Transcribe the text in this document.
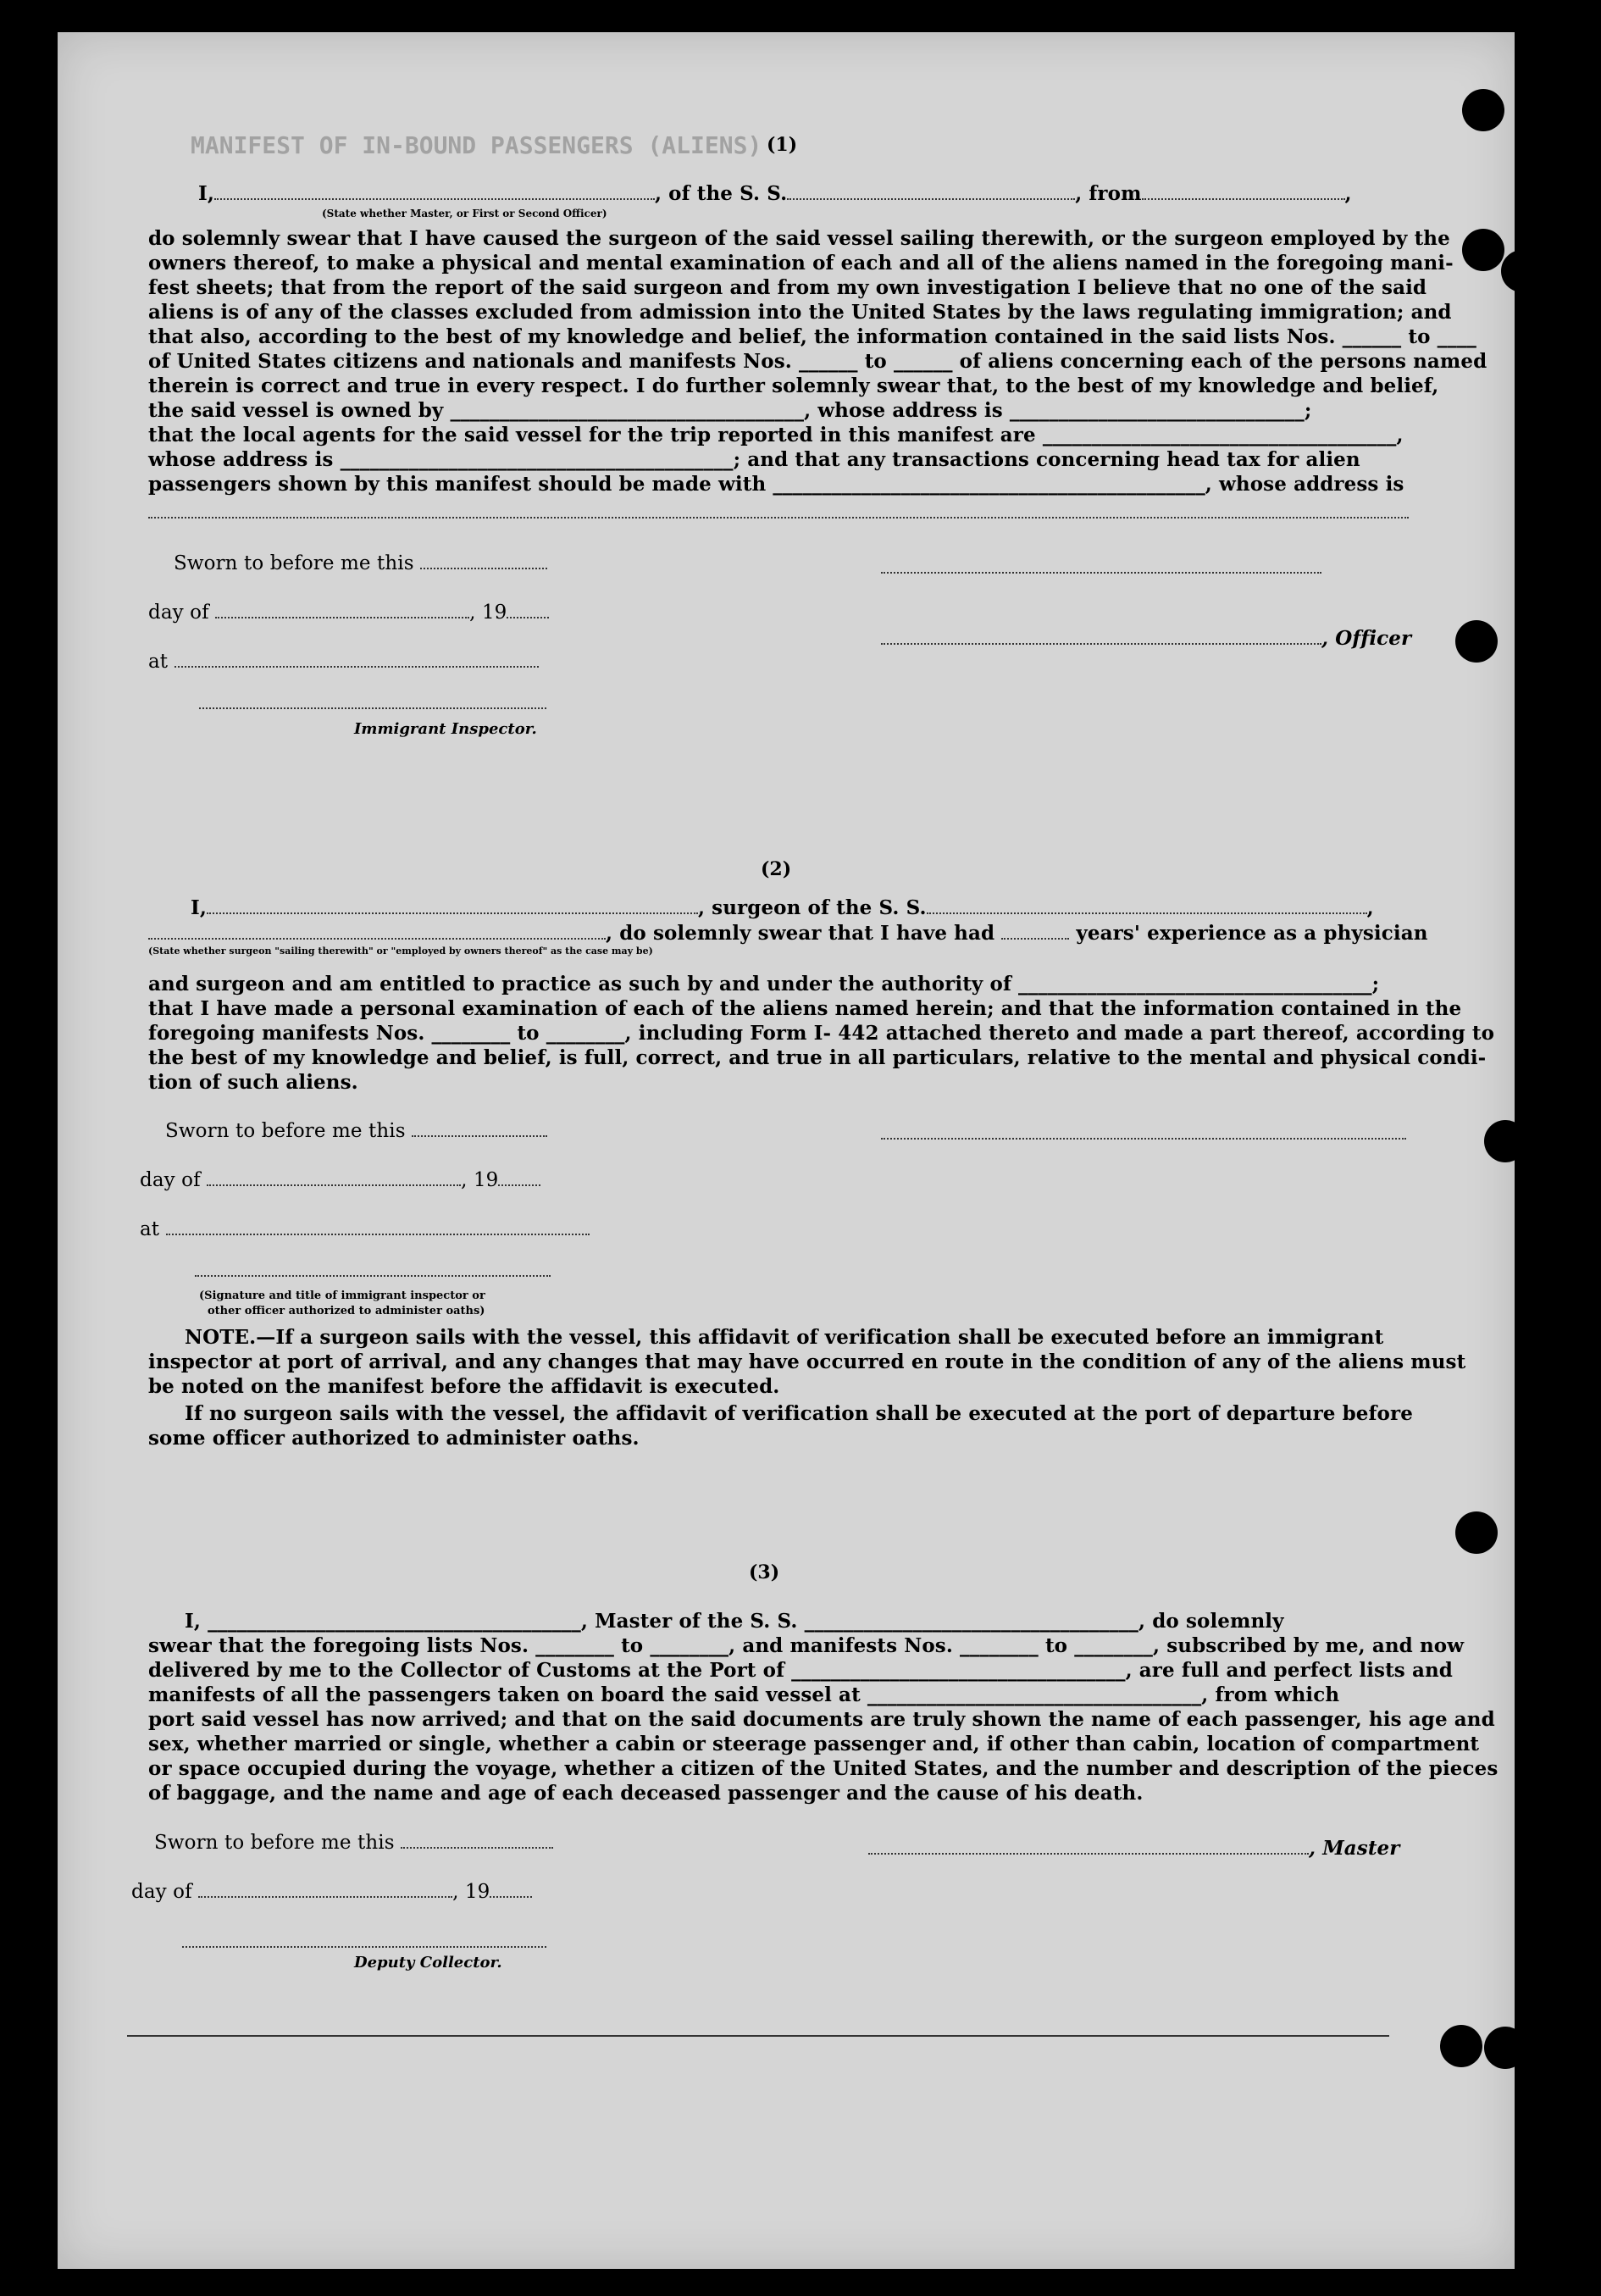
MANIFEST OF IN-BOUND PASSENGERS (ALIENS) (1)
I,	, of the S. S.	, from	,
(State whether Master, or First or Second Officer)
do solemnly swear that I have caused the surgeon of the said vessel sailing therewith, or the surgeon employed by the
owners thereof, to make a physical and mental examination of each and all of the aliens named in the foregoing mani-
fest sheets; that from the report of the said surgeon and from my own investigation I believe that no one of the said
aliens is of any of the classes excluded from admission into the United States by the laws regulating immigration; and
that also, according to the best of my knowledge and belief, the information contained in the said lists Nos. ______ to ____
of United States citizens and nationals and manifests Nos. ______ to ______ of aliens concerning each of the persons named
therein is correct and true in every respect. I do further solemnly swear that, to the best of my knowledge and belief,
the said vessel is owned by ____________________________________, whose address is ______________________________;
that the local agents for the said vessel for the trip reported in this manifest are ____________________________________,
whose address is ________________________________________; and that any transactions concerning head tax for alien
passengers shown by this manifest should be made with ____________________________________________, whose address is
Sworn to before me this
day of	, 19
, Officer
at
Immigrant Inspector.
(2)
I,	, surgeon of the S. S.	,
, do solemnly swear that I have had	years' experience as a physician
(State whether surgeon "sailing therewith" or "employed by owners thereof" as the case may be)
and surgeon and am entitled to practice as such by and under the authority of ____________________________________;
that I have made a personal examination of each of the aliens named herein; and that the information contained in the
foregoing manifests Nos. ________ to ________, including Form I- 442 attached thereto and made a part thereof, according to
the best of my knowledge and belief, is full, correct, and true in all particulars, relative to the mental and physical condi-
tion of such aliens.
Sworn to before me this
day of	, 19
at
(Signature and title of immigrant inspector or
other officer authorized to administer oaths)
NOTE.—If a surgeon sails with the vessel, this affidavit of verification shall be executed before an immigrant
inspector at port of arrival, and any changes that may have occurred en route in the condition of any of the aliens must
be noted on the manifest before the affidavit is executed.
If no surgeon sails with the vessel, the affidavit of verification shall be executed at the port of departure before
some officer authorized to administer oaths.
(3)
I, ______________________________________, Master of the S. S. __________________________________, do solemnly
swear that the foregoing lists Nos. ________ to ________, and manifests Nos. ________ to ________, subscribed by me, and now
delivered by me to the Collector of Customs at the Port of __________________________________, are full and perfect lists and
manifests of all the passengers taken on board the said vessel at __________________________________, from which
port said vessel has now arrived; and that on the said documents are truly shown the name of each passenger, his age and
sex, whether married or single, whether a cabin or steerage passenger and, if other than cabin, location of compartment
or space occupied during the voyage, whether a citizen of the United States, and the number and description of the pieces
of baggage, and the name and age of each deceased passenger and the cause of his death.
Sworn to before me this	, Master
day of	, 19
Deputy Collector.
